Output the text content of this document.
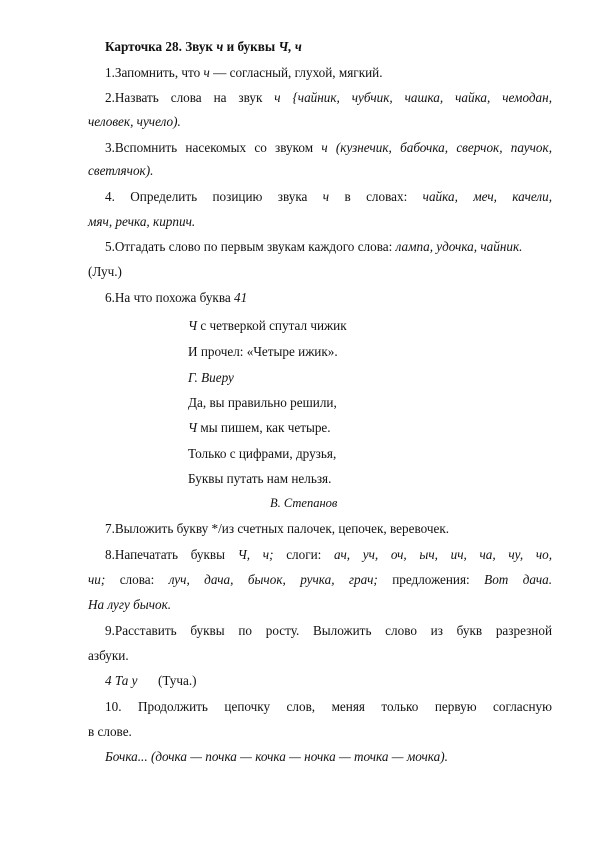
Карточка 28. Звук ч и буквы Ч, ч
1.Запомнить, что ч — согласный, глухой, мягкий.
2.Назвать слова на звук ч {чайник, чубчик, чашка, чайка, чемодан,
человек, чучело).
3.Вспомнить насекомых со звуком ч (кузнечик, бабочка, сверчок, паучок,
светлячок).
4. Определить позицию звука ч в словах: чайка, меч, качели,
мяч, речка, кирпич.
5.Отгадать слово по первым звукам каждого слова: лампа, удочка, чайник.
(Луч.)
6.На что похожа буква 41
Ч с четверкой спутал чижик
И прочел: «Четыре ижик».
Г. Виеру
Да, вы правильно решили,
Ч мы пишем, как четыре.
Только с цифрами, друзья,
Буквы путать нам нельзя.
В. Степанов
7.Выложить букву */из счетных палочек, цепочек, веревочек.
8.Напечатать буквы Ч, ч; слоги: ач, уч, оч, ыч, ич, ча, чу, чо,
чи; слова: луч, дача, бычок, ручка, грач; предложения: Вот дача.
На лугу бычок.
9.Расставить буквы по росту. Выложить слово из букв разрезной
азбуки.
4 Та у (Туча.)
10. Продолжить цепочку слов, меняя только первую согласную
в слове.
Бочка... (дочка — почка — кочка — ночка — точка — мочка).
